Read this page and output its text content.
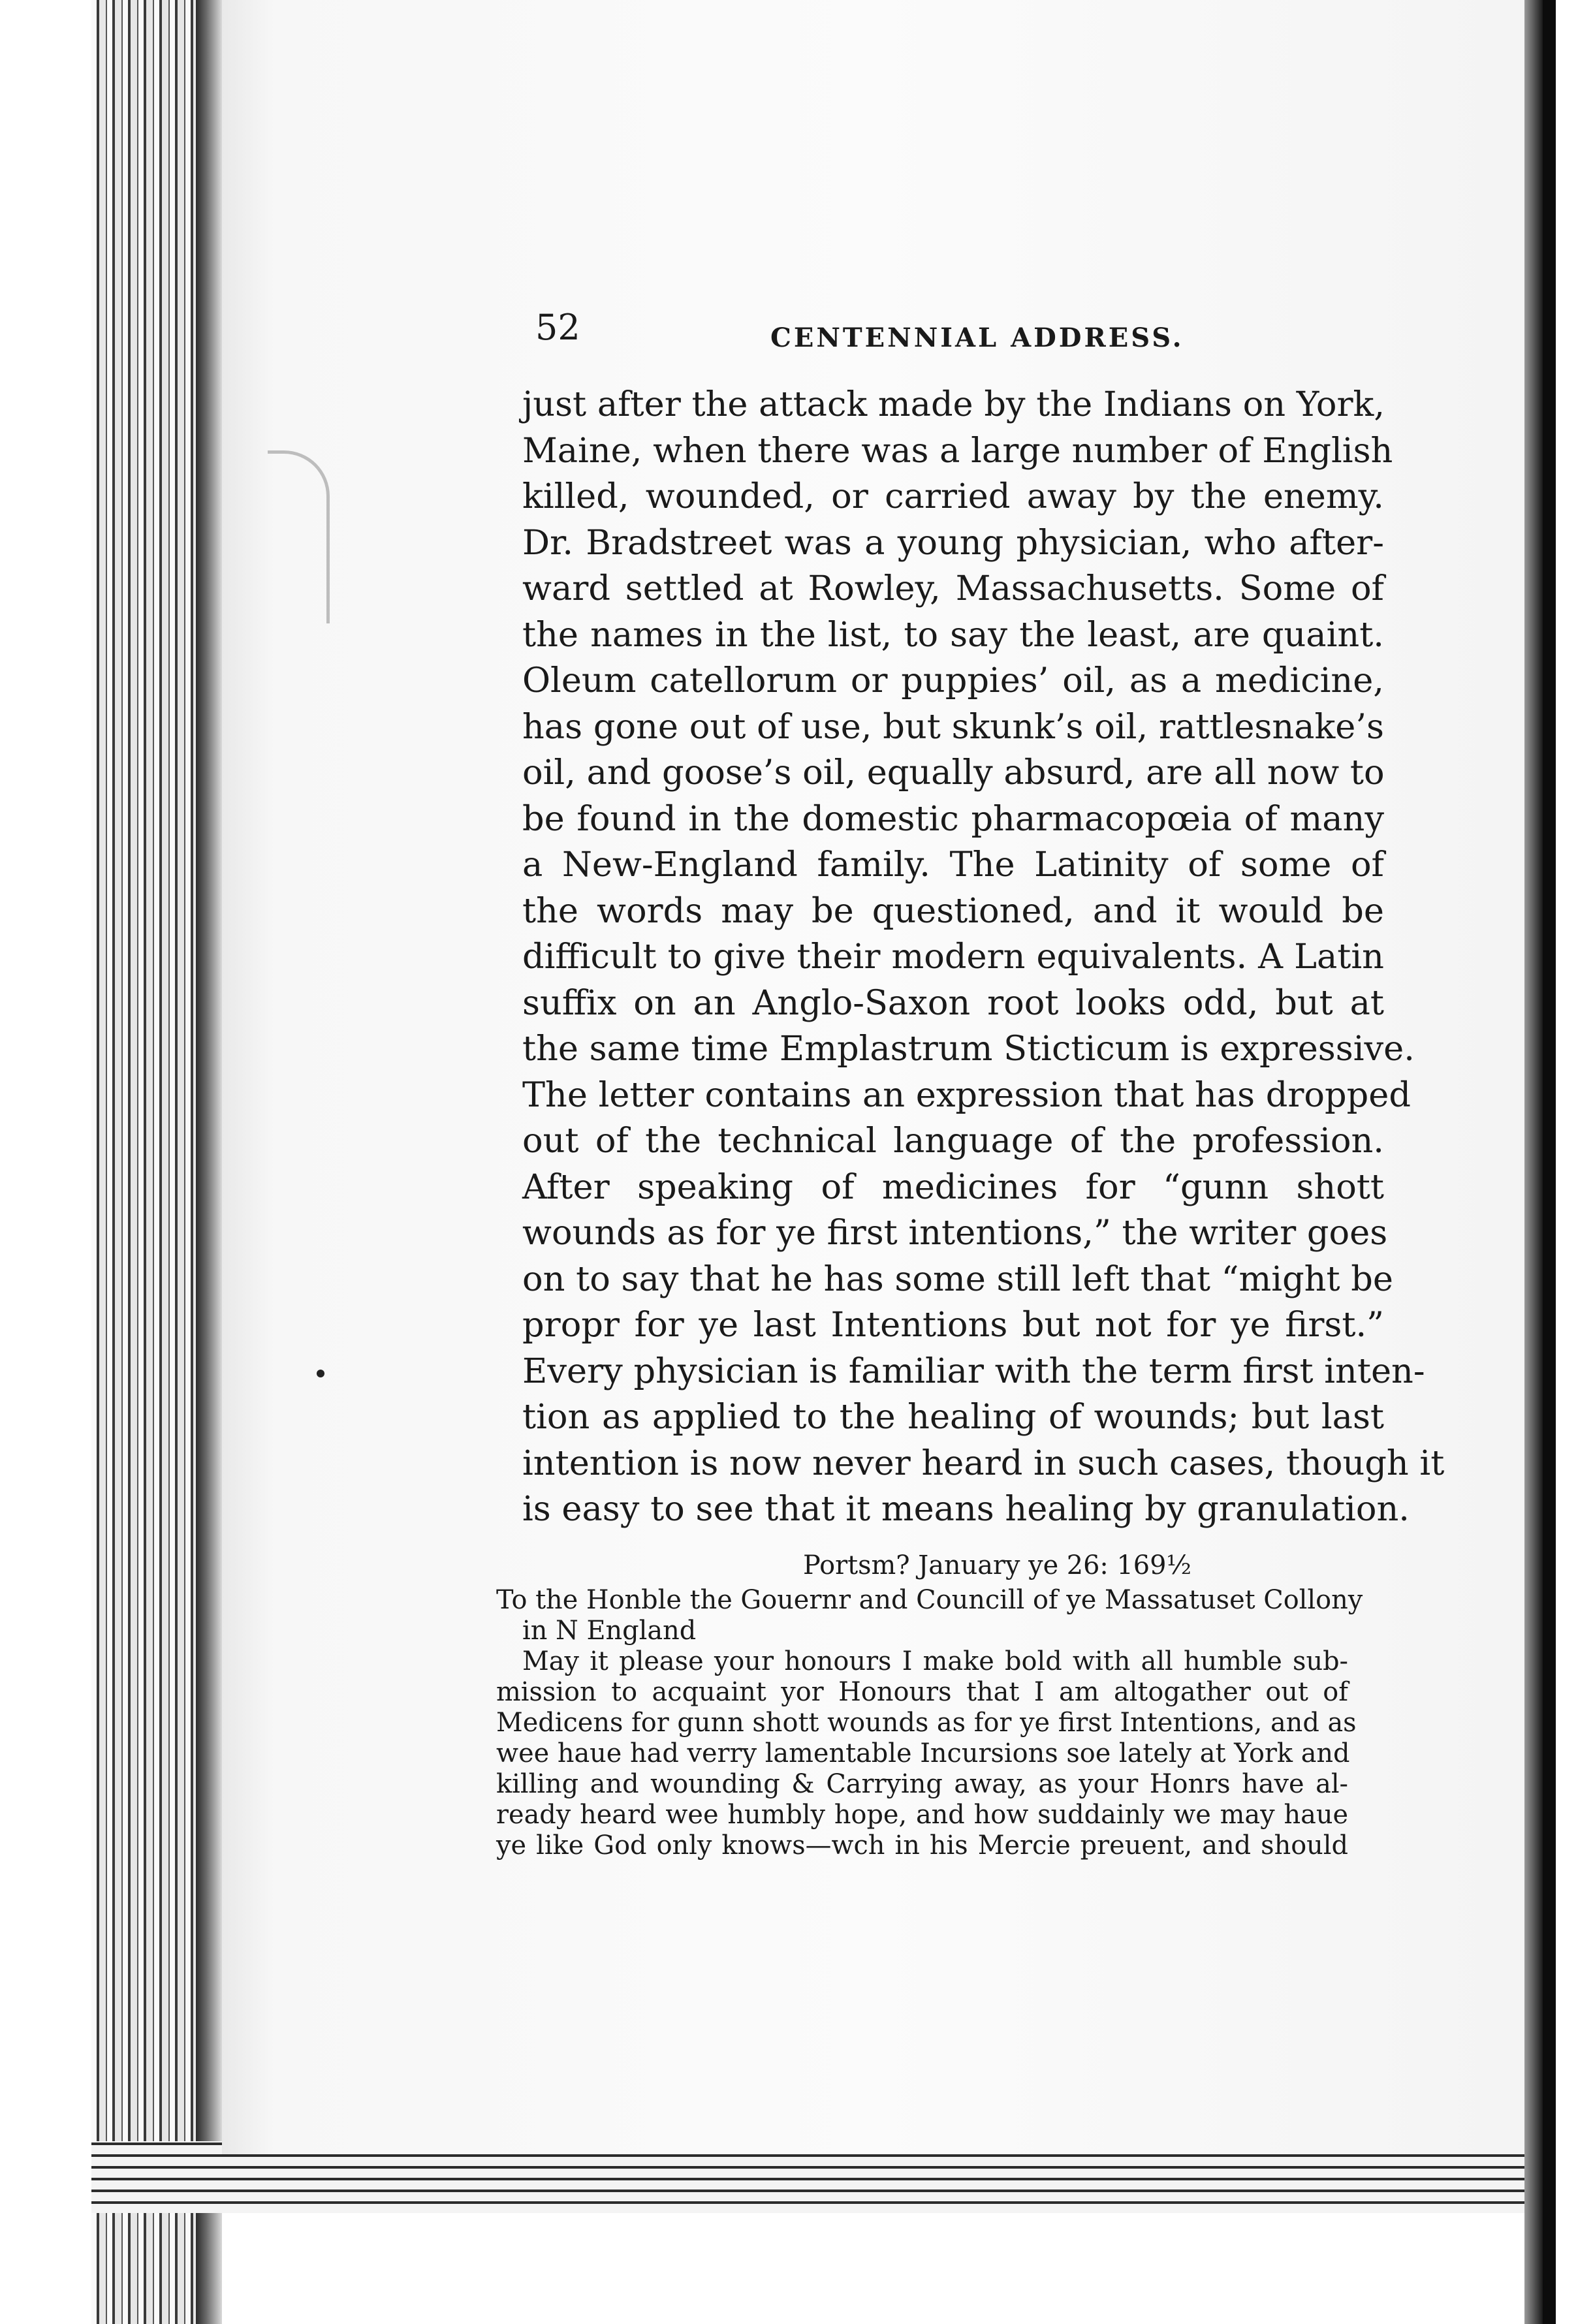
52	CENTENNIAL ADDRESS.
just after the attack made by the Indians on York,
Maine, when there was a large number of English
killed, wounded, or carried away by the enemy.
Dr. Bradstreet was a young physician, who after-
ward settled at Rowley, Massachusetts. Some of
the names in the list, to say the least, are quaint.
Oleum catellorum or puppies’ oil, as a medicine,
has gone out of use, but skunk’s oil, rattlesnake’s
oil, and goose’s oil, equally absurd, are all now to
be found in the domestic pharmacopœia of many
a New-England family. The Latinity of some of
the words may be questioned, and it would be
difficult to give their modern equivalents. A Latin
suffix on an Anglo-Saxon root looks odd, but at
the same time Emplastrum Sticticum is expressive.
The letter contains an expression that has dropped
out of the technical language of the profession.
After speaking of medicines for “gunn shott
wounds as for ye first intentions,” the writer goes
on to say that he has some still left that “might be
propr for ye last Intentions but not for ye first.”
Every physician is familiar with the term first inten-
tion as applied to the healing of wounds; but last
intention is now never heard in such cases, though it
is easy to see that it means healing by granulation.
Portsm? January ye 26: 169½
To the Honble the Gouernr and Councill of ye Massatuset Collony
in N England
May it please your honours I make bold with all humble sub-
mission to acquaint yor Honours that I am altogather out of
Medicens for gunn shott wounds as for ye first Intentions, and as
wee haue had verry lamentable Incursions soe lately at York and
killing and wounding & Carrying away, as your Honrs have al-
ready heard wee humbly hope, and how suddainly we may haue
ye like God only knows—wch in his Mercie preuent, and should
